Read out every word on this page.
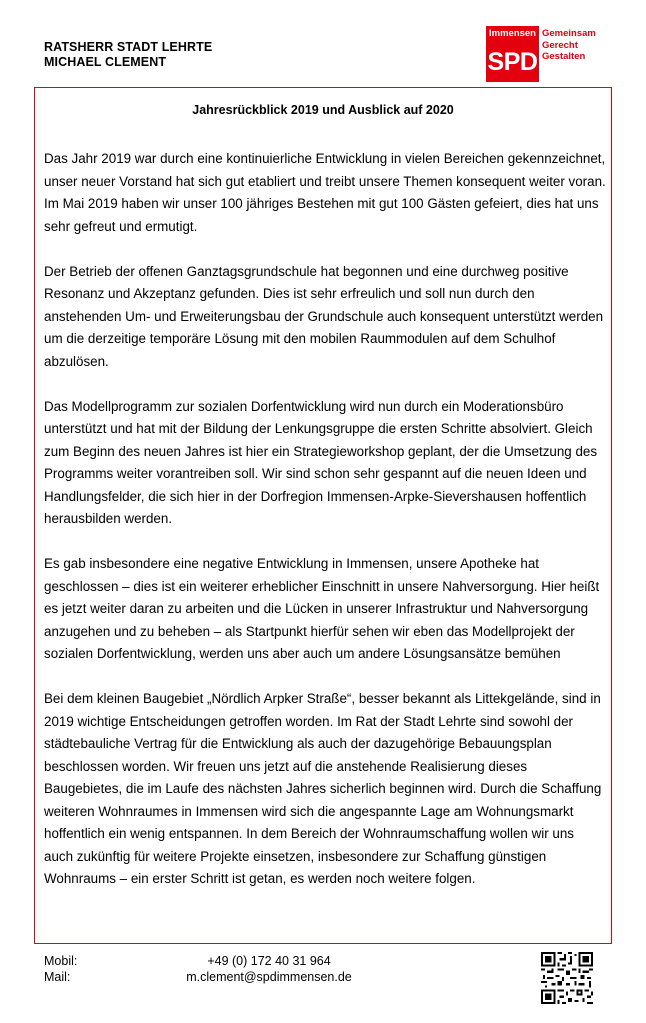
RATSHERR STADT LEHRTE
MICHAEL CLEMENT
Immensen
SPD
Gemeinsam
Gerecht
Gestalten
Jahresrückblick 2019 und Ausblick auf 2020

Das Jahr 2019 war durch eine kontinuierliche Entwicklung in vielen Bereichen gekennzeichnet, unser neuer Vorstand hat sich gut etabliert und treibt unsere Themen konsequent weiter voran. Im Mai 2019 haben wir unser 100 jähriges Bestehen mit gut 100 Gästen gefeiert, dies hat uns sehr gefreut und ermutigt.

Der Betrieb der offenen Ganztagsgrundschule hat begonnen und eine durchweg positive Resonanz und Akzeptanz gefunden. Dies ist sehr erfreulich und soll nun durch den anstehenden Um- und Erweiterungsbau der Grundschule auch konsequent unterstützt werden um die derzeitige temporäre Lösung mit den mobilen Raummodulen auf dem Schulhof abzulösen.

Das Modellprogramm zur sozialen Dorfentwicklung wird nun durch ein Moderationsbüro unterstützt und hat mit der Bildung der Lenkungsgruppe die ersten Schritte absolviert. Gleich zum Beginn des neuen Jahres ist hier ein Strategieworkshop geplant, der die Umsetzung des Programms weiter vorantreiben soll. Wir sind schon sehr gespannt auf die neuen Ideen und Handlungsfelder, die sich hier in der Dorfregion Immensen-Arpke-Sievershausen hoffentlich herausbilden werden.

Es gab insbesondere eine negative Entwicklung in Immensen, unsere Apotheke hat geschlossen – dies ist ein weiterer erheblicher Einschnitt in unsere Nahversorgung. Hier heißt es jetzt weiter daran zu arbeiten und die Lücken in unserer Infrastruktur und Nahversorgung anzugehen und zu beheben – als Startpunkt hierfür sehen wir eben das Modellprojekt der sozialen Dorfentwicklung, werden uns aber auch um andere Lösungsansätze bemühen

Bei dem kleinen Baugebiet „Nördlich Arpker Straße“, besser bekannt als Littekgelände, sind in 2019 wichtige Entscheidungen getroffen worden. Im Rat der Stadt Lehrte sind sowohl der städtebauliche Vertrag für die Entwicklung als auch der dazugehörige Bebauungsplan beschlossen worden. Wir freuen uns jetzt auf die anstehende Realisierung dieses Baugebietes, die im Laufe des nächsten Jahres sicherlich beginnen wird. Durch die Schaffung weiteren Wohnraumes in Immensen wird sich die angespannte Lage am Wohnungsmarkt hoffentlich ein wenig entspannen. In dem Bereich der Wohnraumschaffung wollen wir uns auch zukünftig für weitere Projekte einsetzen, insbesondere zur Schaffung günstigen Wohnraums – ein erster Schritt ist getan, es werden noch weitere folgen.

Mobil:	+49 (0) 172 40 31 964
Mail:	m.clement@spdimmensen.de
